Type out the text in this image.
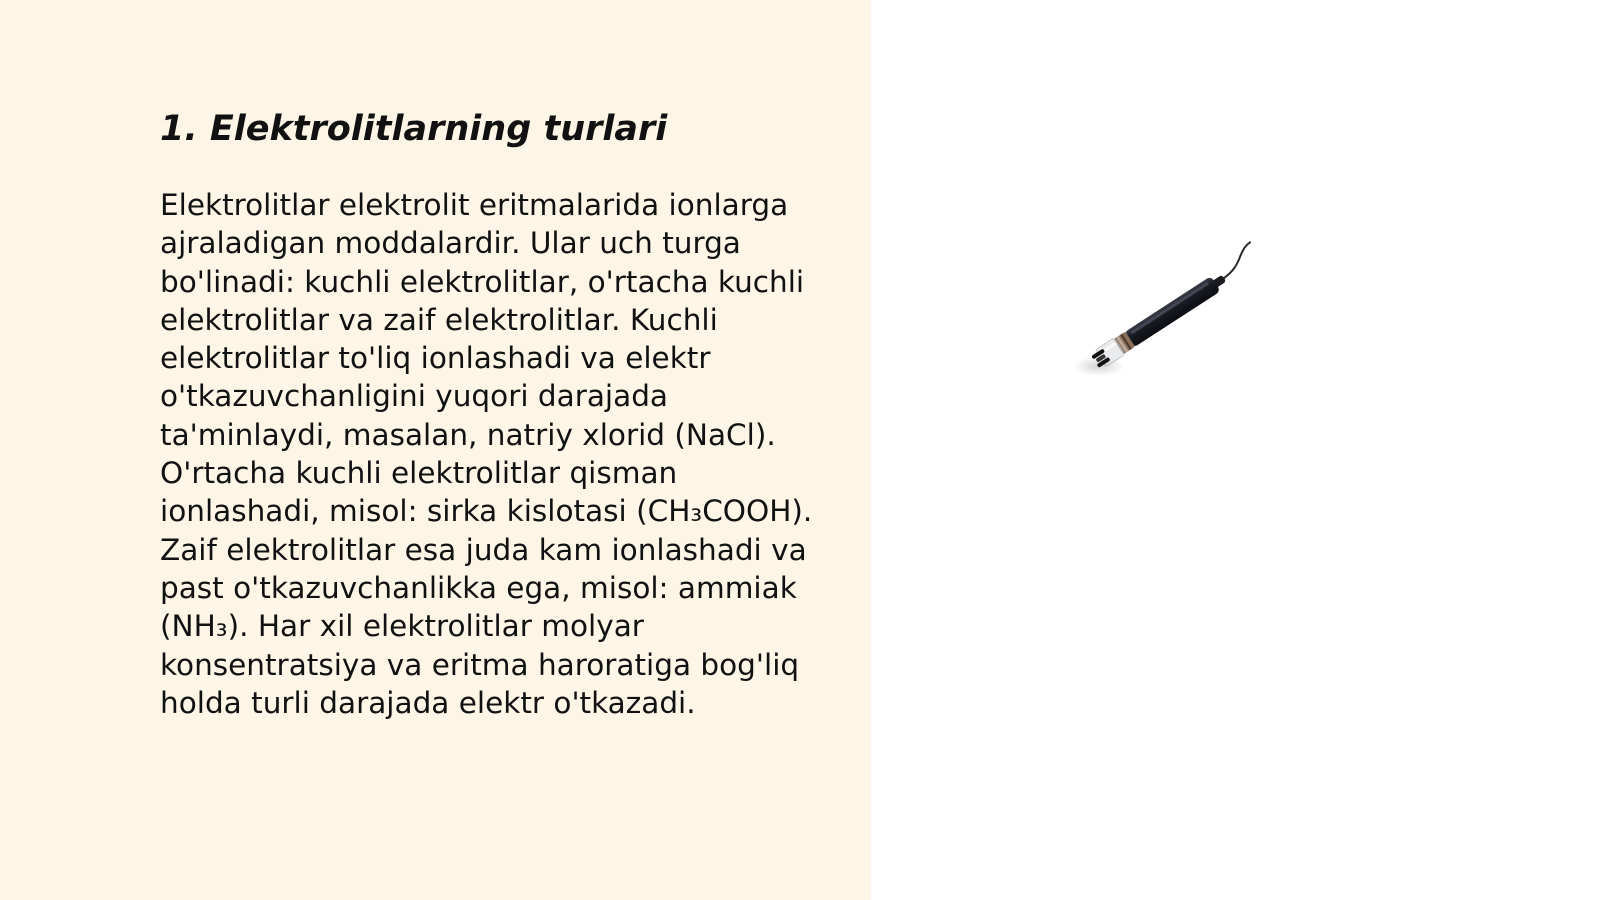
1. Elektrolitlarning turlari

Elektrolitlar elektrolit eritmalarida ionlarga
ajraladigan moddalardir. Ular uch turga
bo'linadi: kuchli elektrolitlar, o'rtacha kuchli
elektrolitlar va zaif elektrolitlar. Kuchli
elektrolitlar to'liq ionlashadi va elektr
o'tkazuvchanligini yuqori darajada
ta'minlaydi, masalan, natriy xlorid (NaCl).
O'rtacha kuchli elektrolitlar qisman
ionlashadi, misol: sirka kislotasi (CH₃COOH).
Zaif elektrolitlar esa juda kam ionlashadi va
past o'tkazuvchanlikka ega, misol: ammiak
(NH₃). Har xil elektrolitlar molyar
konsentratsiya va eritma haroratiga bog'liq
holda turli darajada elektr o'tkazadi.
